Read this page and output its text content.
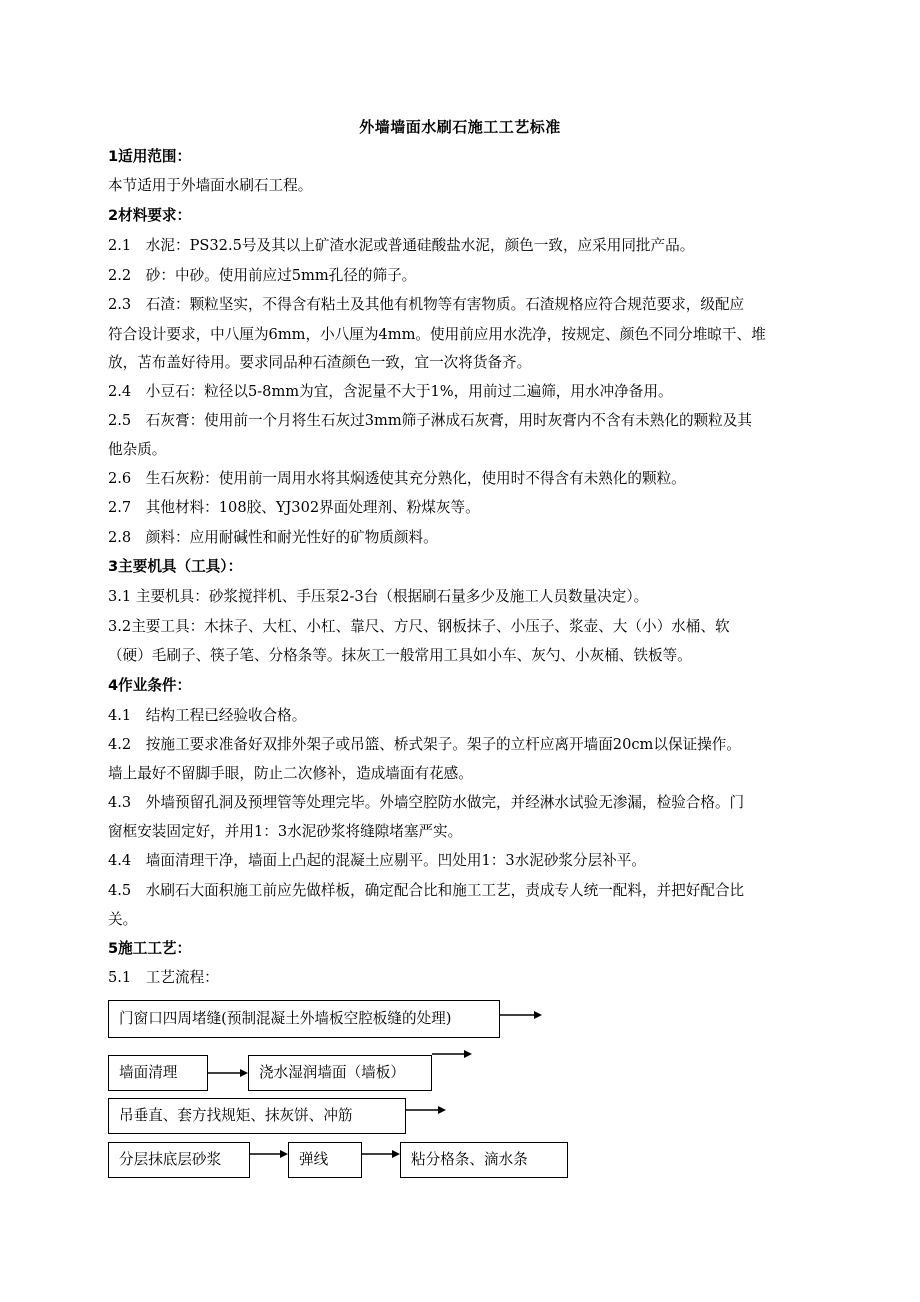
外墙墙面水刷石施工工艺标准
1适用范围：
本节适用于外墙面水刷石工程。
2材料要求：
2.1　水泥：PS32.5号及其以上矿渣水泥或普通硅酸盐水泥，颜色一致，应采用同批产品。
2.2　砂：中砂。使用前应过5mm孔径的筛子。
2.3　石渣：颗粒坚实，不得含有粘土及其他有机物等有害物质。石渣规格应符合规范要求，级配应
符合设计要求，中八厘为6mm，小八厘为4mm。使用前应用水洗净，按规定、颜色不同分堆晾干、堆
放，苫布盖好待用。要求同品种石渣颜色一致，宜一次将货备齐。
2.4　小豆石：粒径以5-8mm为宜，含泥量不大于1%，用前过二遍筛，用水冲净备用。
2.5　石灰膏：使用前一个月将生石灰过3mm筛子淋成石灰膏，用时灰膏内不含有未熟化的颗粒及其
他杂质。
2.6　生石灰粉：使用前一周用水将其焖透使其充分熟化，使用时不得含有未熟化的颗粒。
2.7　其他材料：108胶、YJ302界面处理剂、粉煤灰等。
2.8　颜料：应用耐碱性和耐光性好的矿物质颜料。
3主要机具（工具）：
3.1 主要机具：砂浆搅拌机、手压泵2-3台（根据刷石量多少及施工人员数量决定）。
3.2主要工具：木抹子、大杠、小杠、靠尺、方尺、钢板抹子、小压子、浆壶、大（小）水桶、软
（硬）毛刷子、筷子笔、分格条等。抹灰工一般常用工具如小车、灰勺、小灰桶、铁板等。
4作业条件：
4.1　结构工程已经验收合格。
4.2　按施工要求准备好双排外架子或吊篮、桥式架子。架子的立杆应离开墙面20cm以保证操作。
墙上最好不留脚手眼，防止二次修补，造成墙面有花感。
4.3　外墙预留孔洞及预埋管等处理完毕。外墙空腔防水做完，并经淋水试验无渗漏，检验合格。门
窗框安装固定好，并用1：3水泥砂浆将缝隙堵塞严实。
4.4　墙面清理干净，墙面上凸起的混凝土应剔平。凹处用1：3水泥砂浆分层补平。
4.5　水刷石大面积施工前应先做样板，确定配合比和施工工艺，责成专人统一配料，并把好配合比
关。
5施工工艺：
5.1　工艺流程：
门窗口四周堵缝(预制混凝土外墙板空腔板缝的处理)
墙面清理	浇水湿润墙面（墙板）
吊垂直、套方找规矩、抹灰饼、冲筋
分层抹底层砂浆	弹线	粘分格条、滴水条
